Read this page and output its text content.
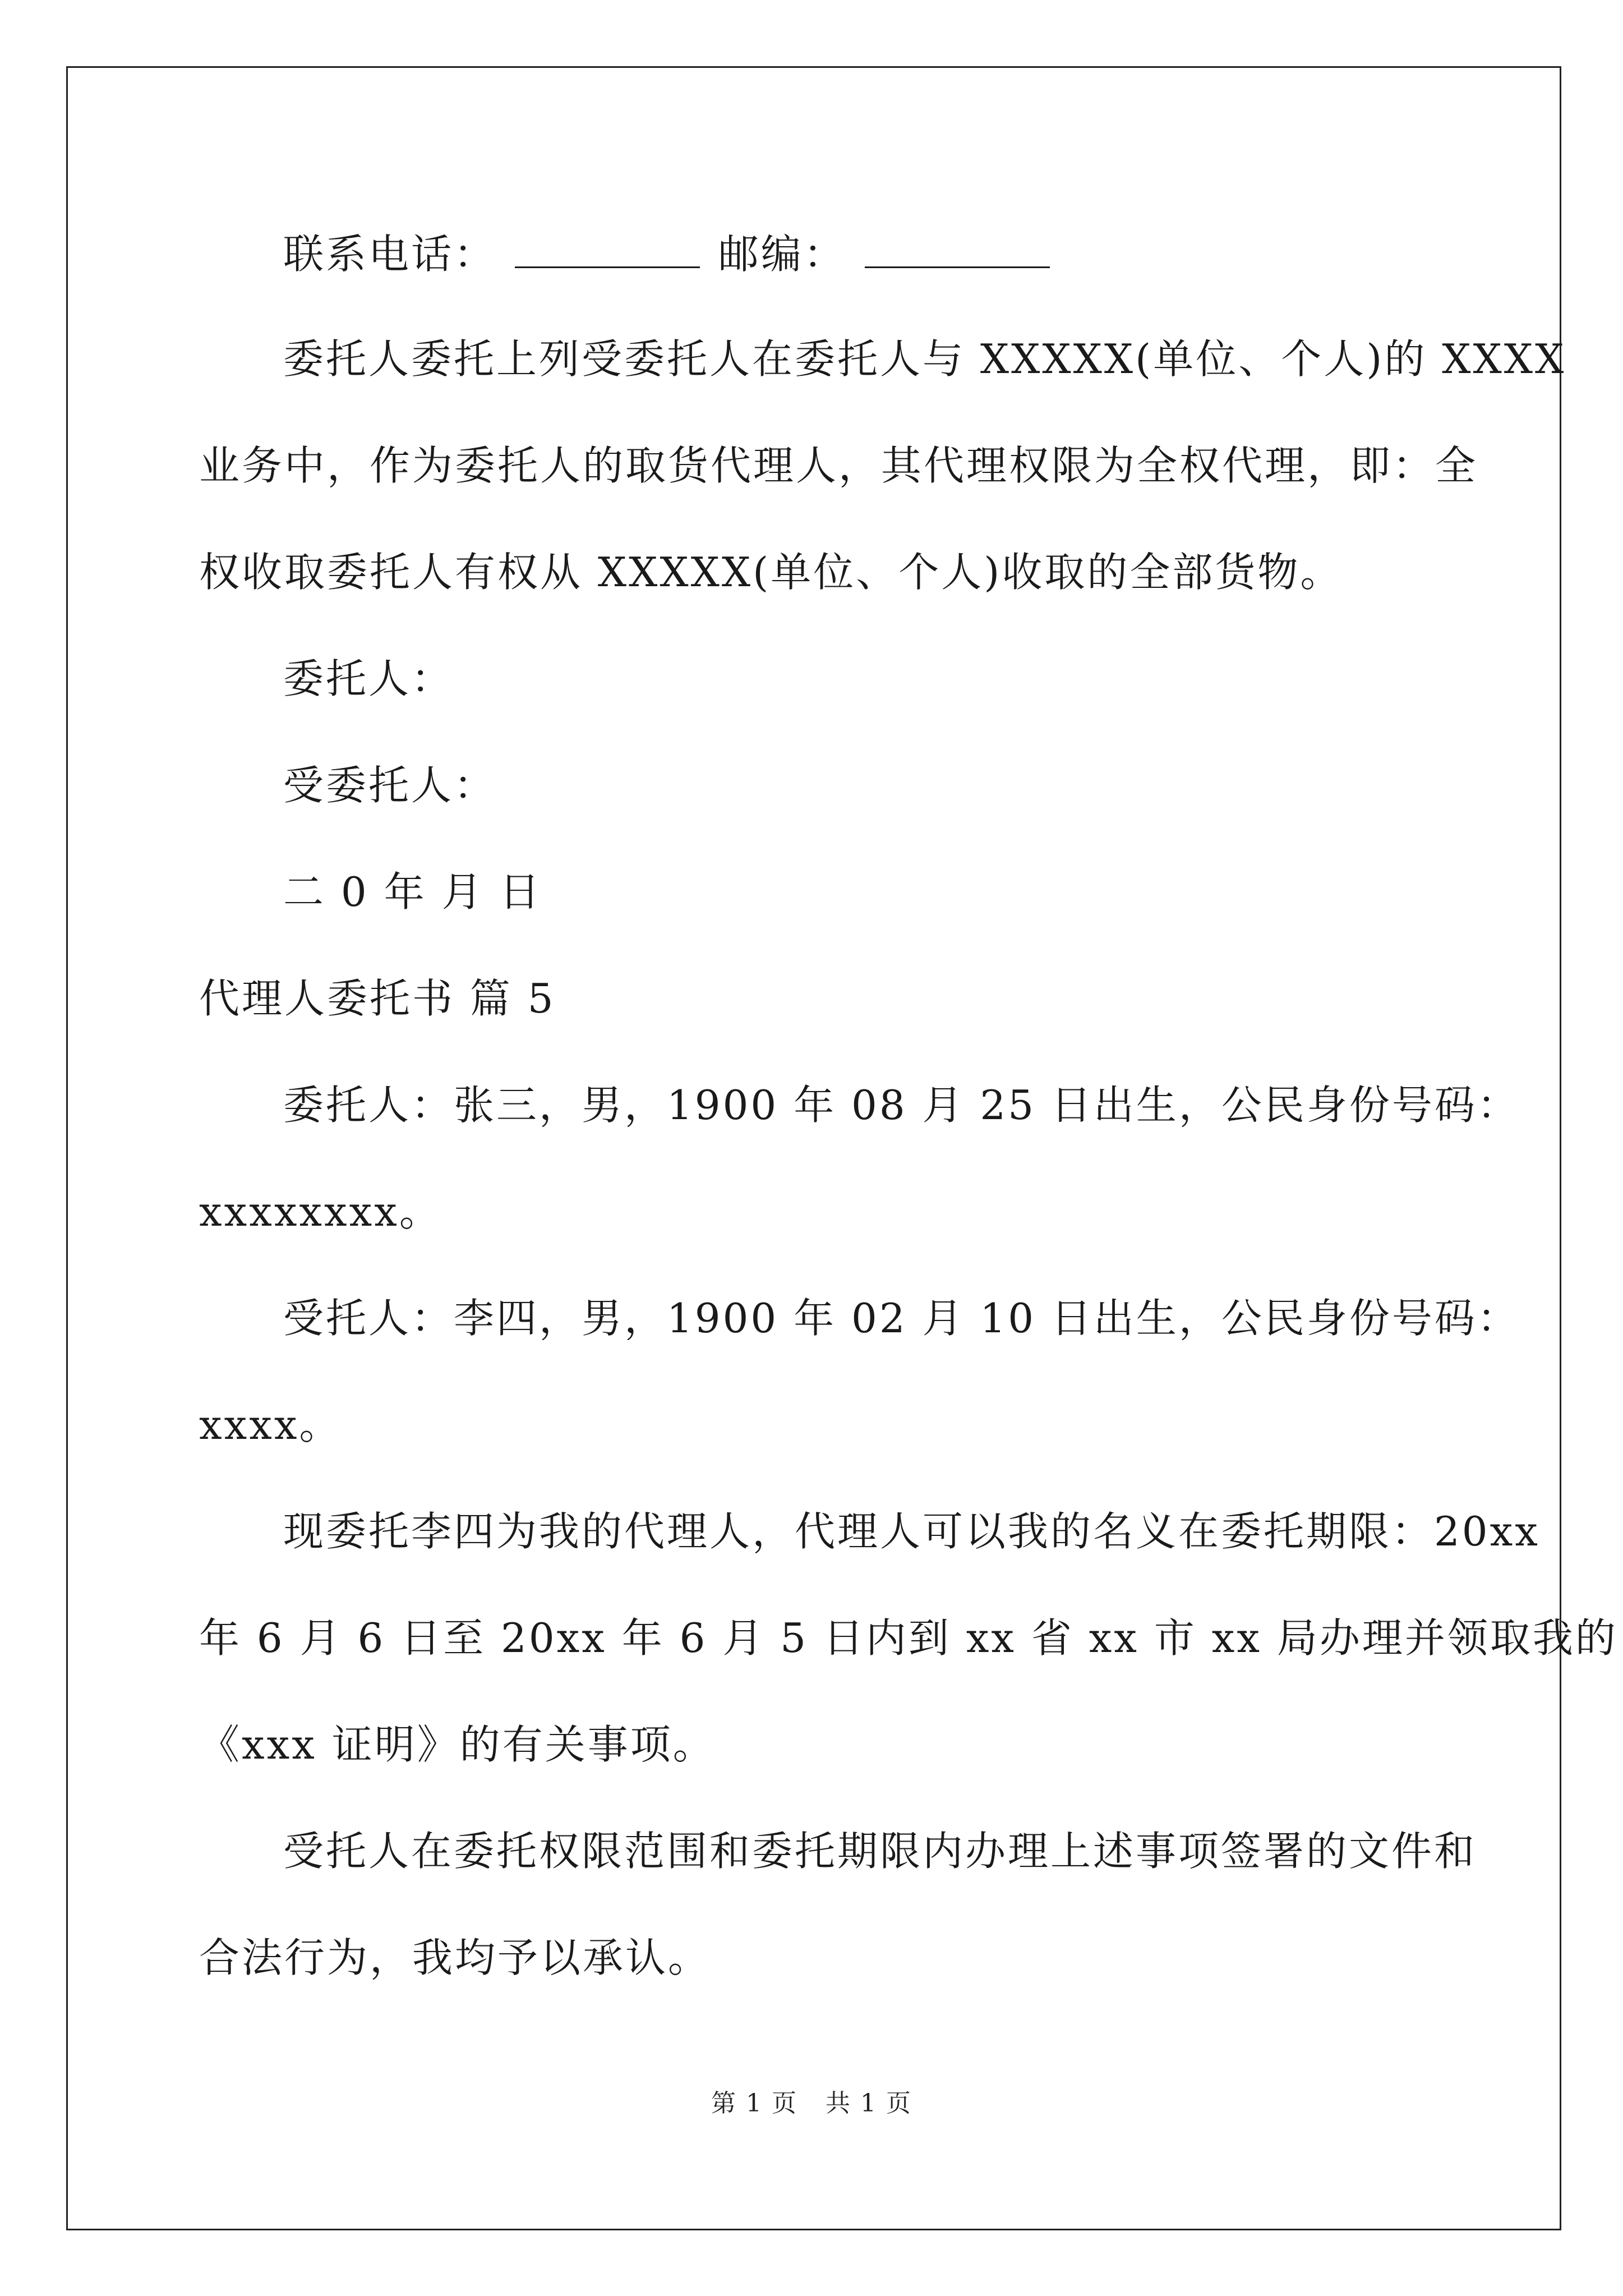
联系电话：	邮编：
委托人委托上列受委托人在委托人与 XXXXX(单位、个人)的 XXXX
业务中，作为委托人的取货代理人，其代理权限为全权代理，即：全
权收取委托人有权从 XXXXX(单位、个人)收取的全部货物。
委托人：
受委托人：
二 0 年 月 日
代理人委托书 篇 5
委托人：张三，男，1900 年 08 月 25 日出生，公民身份号码：
xxxxxxxx。
受托人：李四，男，1900 年 02 月 10 日出生，公民身份号码：
xxxx。
现委托李四为我的代理人，代理人可以我的名义在委托期限：20xx
年 6 月 6 日至 20xx 年 6 月 5 日内到 xx 省 xx 市 xx 局办理并领取我的
《xxx 证明》的有关事项。
受托人在委托权限范围和委托期限内办理上述事项签署的文件和
合法行为，我均予以承认。
第 1 页 共 1 页
